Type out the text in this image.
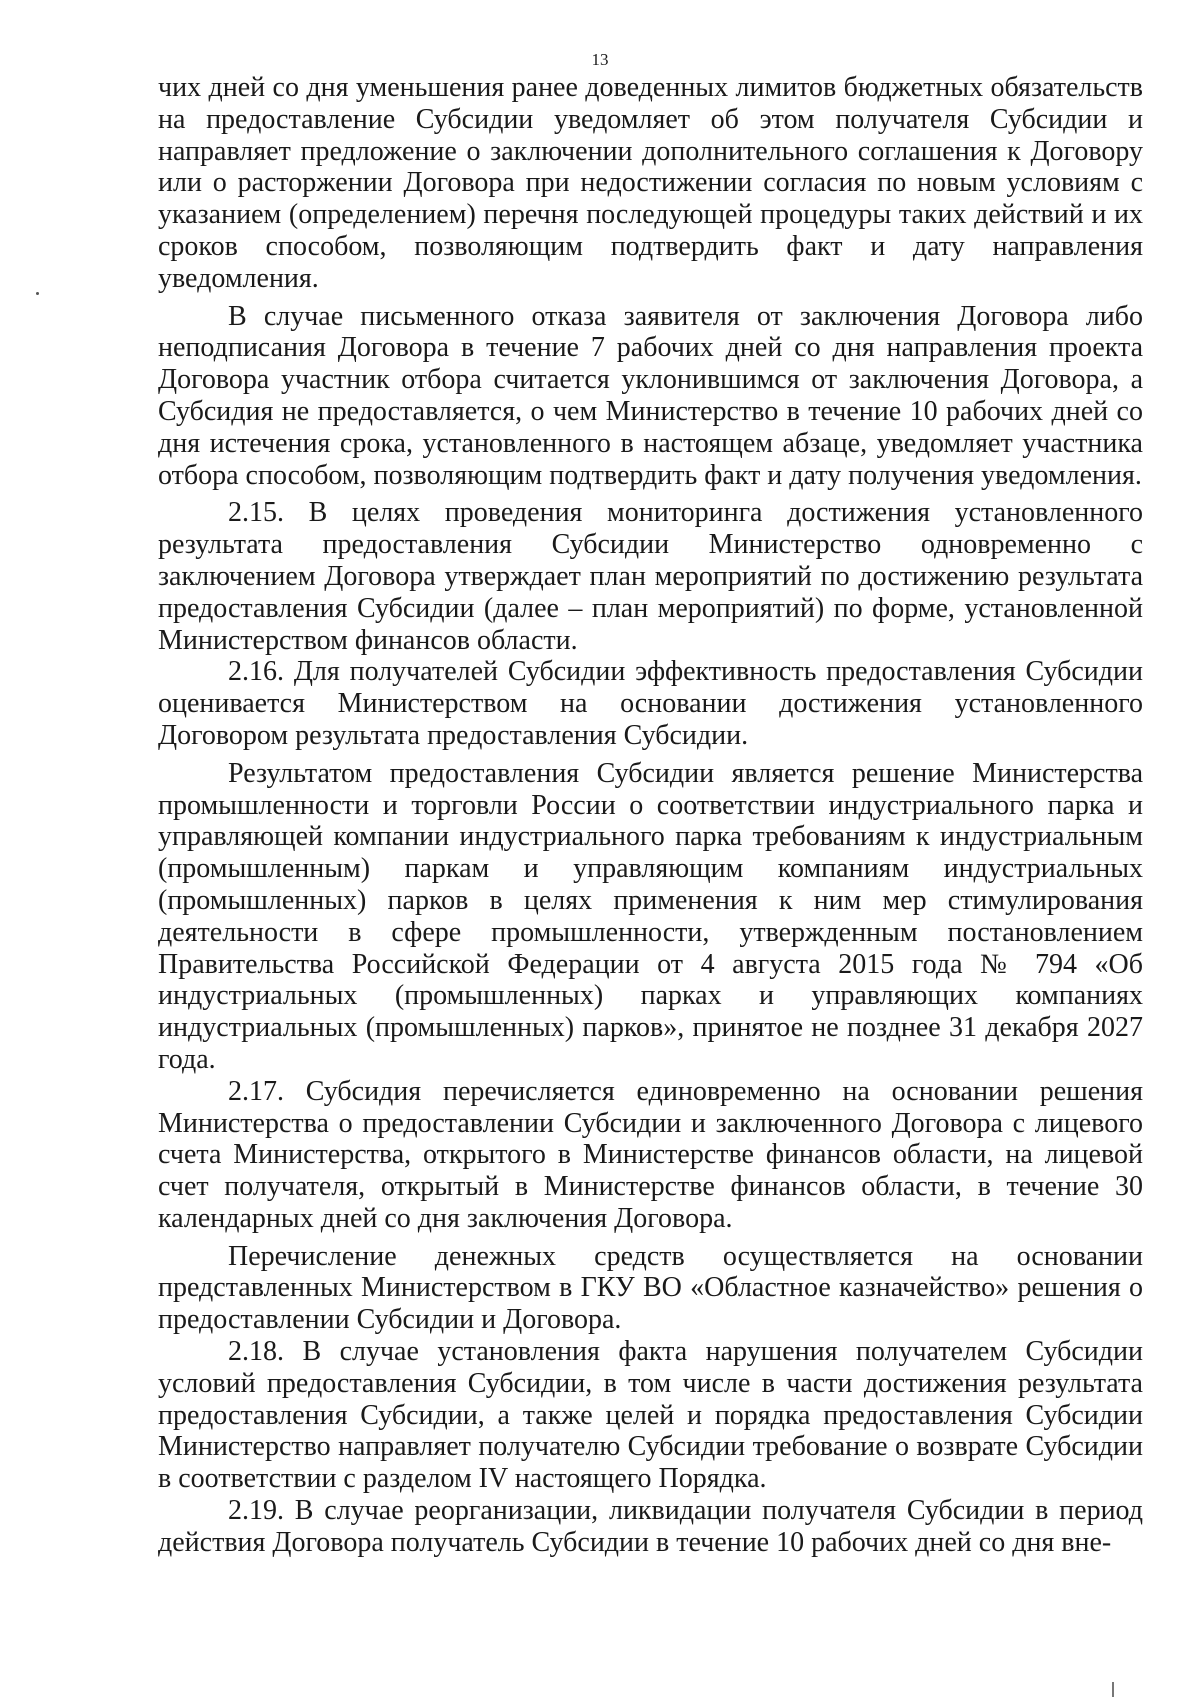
13

чих дней со дня уменьшения ранее доведенных лимитов бюджетных обязательств на предоставление Субсидии уведомляет об этом получателя Субсидии и направляет предложение о заключении дополнительного соглашения к Договору или о расторжении Договора при недостижении согласия по новым условиям с указанием (определением) перечня последующей процедуры таких действий и их сроков способом, позволяющим подтвердить факт и дату направления уведомления.

В случае письменного отказа заявителя от заключения Договора либо неподписания Договора в течение 7 рабочих дней со дня направления проекта Договора участник отбора считается уклонившимся от заключения Договора, а Субсидия не предоставляется, о чем Министерство в течение 10 рабочих дней со дня истечения срока, установленного в настоящем абзаце, уведомляет участника отбора способом, позволяющим подтвердить факт и дату получения уведомления.

2.15. В целях проведения мониторинга достижения установленного результата предоставления Субсидии Министерство одновременно с заключением Договора утверждает план мероприятий по достижению результата предоставления Субсидии (далее – план мероприятий) по форме, установленной Министерством финансов области.

2.16. Для получателей Субсидии эффективность предоставления Субсидии оценивается Министерством на основании достижения установленного Договором результата предоставления Субсидии.

Результатом предоставления Субсидии является решение Министерства промышленности и торговли России о соответствии индустриального парка и управляющей компании индустриального парка требованиям к индустриальным (промышленным) паркам и управляющим компаниям индустриальных (промышленных) парков в целях применения к ним мер стимулирования деятельности в сфере промышленности, утвержденным постановлением Правительства Российской Федерации от 4 августа 2015 года № 794 «Об индустриальных (промышленных) парках и управляющих компаниях индустриальных (промышленных) парков», принятое не позднее 31 декабря 2027 года.

2.17. Субсидия перечисляется единовременно на основании решения Министерства о предоставлении Субсидии и заключенного Договора с лицевого счета Министерства, открытого в Министерстве финансов области, на лицевой счет получателя, открытый в Министерстве финансов области, в течение 30 календарных дней со дня заключения Договора.

Перечисление денежных средств осуществляется на основании представленных Министерством в ГКУ ВО «Областное казначейство» решения о предоставлении Субсидии и Договора.

2.18. В случае установления факта нарушения получателем Субсидии условий предоставления Субсидии, в том числе в части достижения результата предоставления Субсидии, а также целей и порядка предоставления Субсидии Министерство направляет получателю Субсидии требование о возврате Субсидии в соответствии с разделом IV настоящего Порядка.

2.19. В случае реорганизации, ликвидации получателя Субсидии в период действия Договора получатель Субсидии в течение 10 рабочих дней со дня вне-
